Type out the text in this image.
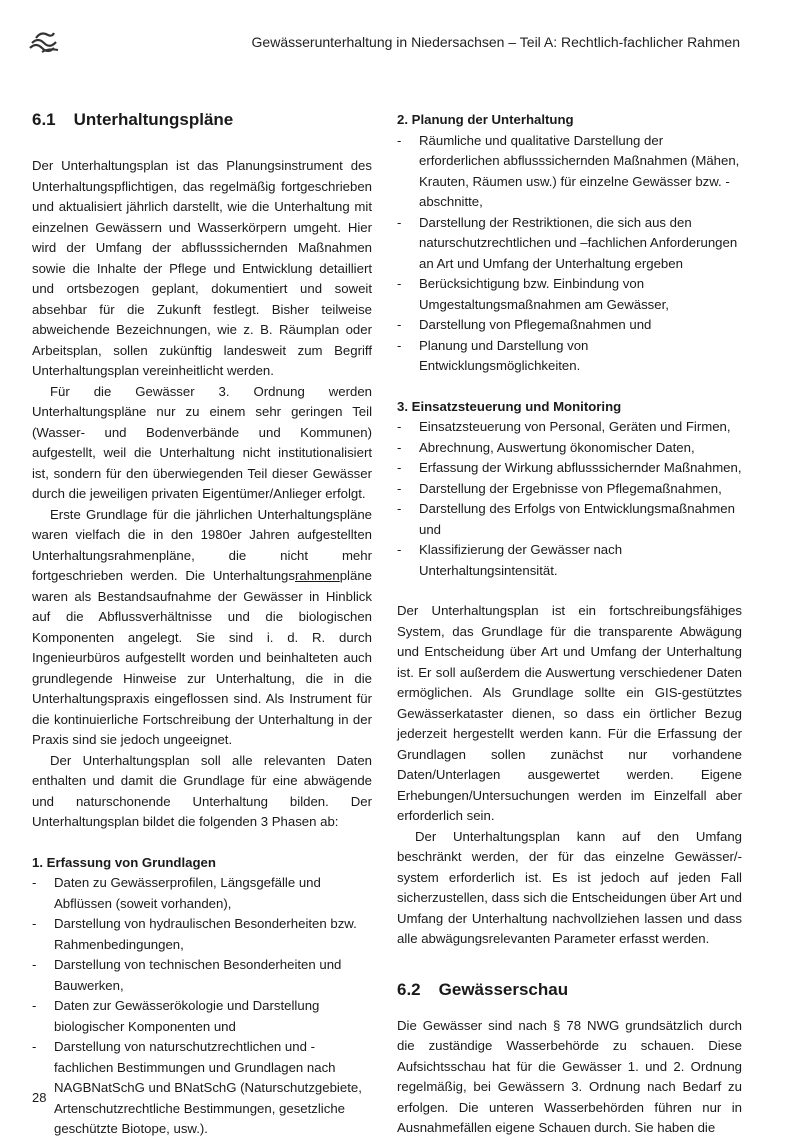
Gewässerunterhaltung in Niedersachsen – Teil A: Rechtlich-fachlicher Rahmen
6.1 Unterhaltungspläne

Der Unterhaltungsplan ist das Planungsinstrument des Unterhaltungspflichtigen, das regelmäßig fortgeschrieben und aktualisiert jährlich darstellt, wie die Unterhaltung mit einzelnen Gewässern und Wasserkörpern umgeht. Hier wird der Umfang der abflusssichernden Maßnahmen sowie die Inhalte der Pflege und Entwicklung detailliert und ortsbezogen geplant, dokumentiert und soweit absehbar für die Zukunft festlegt. Bisher teilweise abweichende Bezeichnungen, wie z. B. Räumplan oder Arbeitsplan, sollen zukünftig landesweit zum Begriff Unterhaltungsplan vereinheitlicht werden.

Für die Gewässer 3. Ordnung werden Unterhaltungspläne nur zu einem sehr geringen Teil (Wasser- und Bodenverbände und Kommunen) aufgestellt, weil die Unterhaltung nicht institutionalisiert ist, sondern für den überwiegenden Teil dieser Gewässer durch die jeweiligen privaten Eigentümer/Anlieger erfolgt.

Erste Grundlage für die jährlichen Unterhaltungspläne waren vielfach die in den 1980er Jahren aufgestellten Unterhaltungsrahmenpläne, die nicht mehr fortgeschrieben werden. Die Unterhaltungsrahmenpläne waren als Bestandsaufnahme der Gewässer in Hinblick auf die Abflussverhältnisse und die biologischen Komponenten angelegt. Sie sind i. d. R. durch Ingenieurbüros aufgestellt worden und beinhalteten auch grundlegende Hinweise zur Unterhaltung, die in die Unterhaltungspraxis eingeflossen sind. Als Instrument für die kontinuierliche Fortschreibung der Unterhaltung in der Praxis sind sie jedoch ungeeignet.

Der Unterhaltungsplan soll alle relevanten Daten enthalten und damit die Grundlage für eine abwägende und naturschonende Unterhaltung bilden. Der Unterhaltungsplan bildet die folgenden 3 Phasen ab:

1. Erfassung von Grundlagen
- Daten zu Gewässerprofilen, Längsgefälle und Abflüssen (soweit vorhanden),
- Darstellung von hydraulischen Besonderheiten bzw. Rahmenbedingungen,
- Darstellung von technischen Besonderheiten und Bauwerken,
- Daten zur Gewässerökologie und Darstellung biologischer Komponenten und
- Darstellung von naturschutzrechtlichen und -fachlichen Bestimmungen und Grundlagen nach NAGBNatSchG und BNatSchG (Naturschutzgebiete, Artenschutzrechtliche Bestimmungen, gesetzliche geschützte Biotope, usw.).
2. Planung der Unterhaltung
- Räumliche und qualitative Darstellung der erforderlichen abflusssichernden Maßnahmen (Mähen, Krauten, Räumen usw.) für einzelne Gewässer bzw. -abschnitte,
- Darstellung der Restriktionen, die sich aus den naturschutzrechtlichen und –fachlichen Anforderungen an Art und Umfang der Unterhaltung ergeben
- Berücksichtigung bzw. Einbindung von Umgestaltungsmaßnahmen am Gewässer,
- Darstellung von Pflegemaßnahmen und
- Planung und Darstellung von Entwicklungsmöglichkeiten.
3. Einsatzsteuerung und Monitoring
- Einsatzsteuerung von Personal, Geräten und Firmen,
- Abrechnung, Auswertung ökonomischer Daten,
- Erfassung der Wirkung abflusssichernder Maßnahmen,
- Darstellung der Ergebnisse von Pflegemaßnahmen,
- Darstellung des Erfolgs von Entwicklungsmaßnahmen und
- Klassifizierung der Gewässer nach Unterhaltungsintensität.

Der Unterhaltungsplan ist ein fortschreibungsfähiges System, das Grundlage für die transparente Abwägung und Entscheidung über Art und Umfang der Unterhaltung ist. Er soll außerdem die Auswertung verschiedener Daten ermöglichen. Als Grundlage sollte ein GIS-gestütztes Gewässerkataster dienen, so dass ein örtlicher Bezug jederzeit hergestellt werden kann. Für die Erfassung der Grundlagen sollen zunächst nur vorhandene Daten/Unterlagen ausgewertet werden. Eigene Erhebungen/Untersuchungen werden im Einzelfall aber erforderlich sein.

Der Unterhaltungsplan kann auf den Umfang beschränkt werden, der für das einzelne Gewässer/-system erforderlich ist. Es ist jedoch auf jeden Fall sicherzustellen, dass sich die Entscheidungen über Art und Umfang der Unterhaltung nachvollziehen lassen und dass alle abwägungsrelevanten Parameter erfasst werden.

6.2 Gewässerschau

Die Gewässer sind nach § 78 NWG grundsätzlich durch die zuständige Wasserbehörde zu schauen. Diese Aufsichtsschau hat für die Gewässer 1. und 2. Ordnung regelmäßig, bei Gewässern 3. Ordnung nach Bedarf zu erfolgen. Die unteren Wasserbehörden führen nur in Ausnahmefällen eigene Schauen durch. Sie haben die

28
